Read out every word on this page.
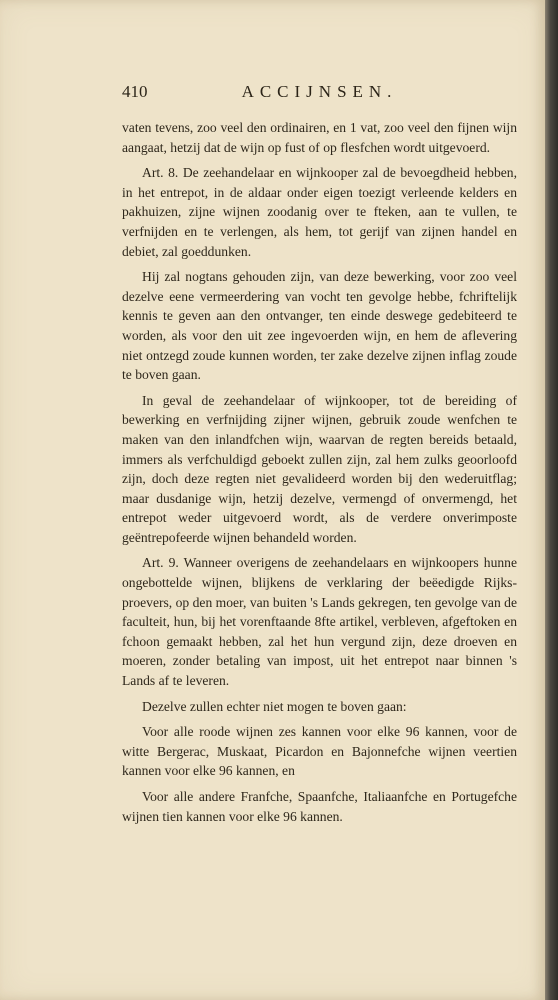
410	ACCIJNSEN.

vaten tevens, zoo veel den ordinairen, en 1 vat, zoo veel den fijnen wijn aangaat, hetzij dat de wijn op fust of op flesfchen wordt uitgevoerd.

Art. 8. De zeehandelaar en wijnkooper zal de bevoegdheid hebben, in het entrepot, in de aldaar onder eigen toezigt verleende kelders en pakhuizen, zijne wijnen zoodanig over te fteken, aan te vullen, te verfnijden en te verlengen, als hem, tot gerijf van zijnen handel en debiet, zal goeddunken.

Hij zal nogtans gehouden zijn, van deze bewerking, voor zoo veel dezelve eene vermeerdering van vocht ten gevolge hebbe, fchriftelijk kennis te geven aan den ontvanger, ten einde deswege gedebiteerd te worden, als voor den uit zee ingevoerden wijn, en hem de aflevering niet ontzegd zoude kunnen worden, ter zake dezelve zijnen inflag zoude te boven gaan.

In geval de zeehandelaar of wijnkooper, tot de bereiding of bewerking en verfnijding zijner wijnen, gebruik zoude wenfchen te maken van den inlandfchen wijn, waarvan de regten bereids betaald, immers als verfchuldigd geboekt zullen zijn, zal hem zulks geoorloofd zijn, doch deze regten niet gevalideerd worden bij den wederuitflag; maar dusdanige wijn, hetzij dezelve, vermengd of onvermengd, het entrepot weder uitgevoerd wordt, als de verdere onverimposte geëntrepofeerde wijnen behandeld worden.

Art. 9. Wanneer overigens de zeehandelaars en wijnkoopers hunne ongebottelde wijnen, blijkens de verklaring der beëedigde Rijks-proevers, op den moer, van buiten 's Lands gekregen, ten gevolge van de faculteit, hun, bij het vorenftaande 8fte artikel, verbleven, afgeftoken en fchoon gemaakt hebben, zal het hun vergund zijn, deze droeven en moeren, zonder betaling van impost, uit het entrepot naar binnen 's Lands af te leveren.

Dezelve zullen echter niet mogen te boven gaan:

Voor alle roode wijnen zes kannen voor elke 96 kannen, voor de witte Bergerac, Muskaat, Picardon en Bajonnefche wijnen veertien kannen voor elke 96 kannen, en

Voor alle andere Franfche, Spaanfche, Italiaanfche en Portugefche wijnen tien kannen voor elke 96 kannen.
